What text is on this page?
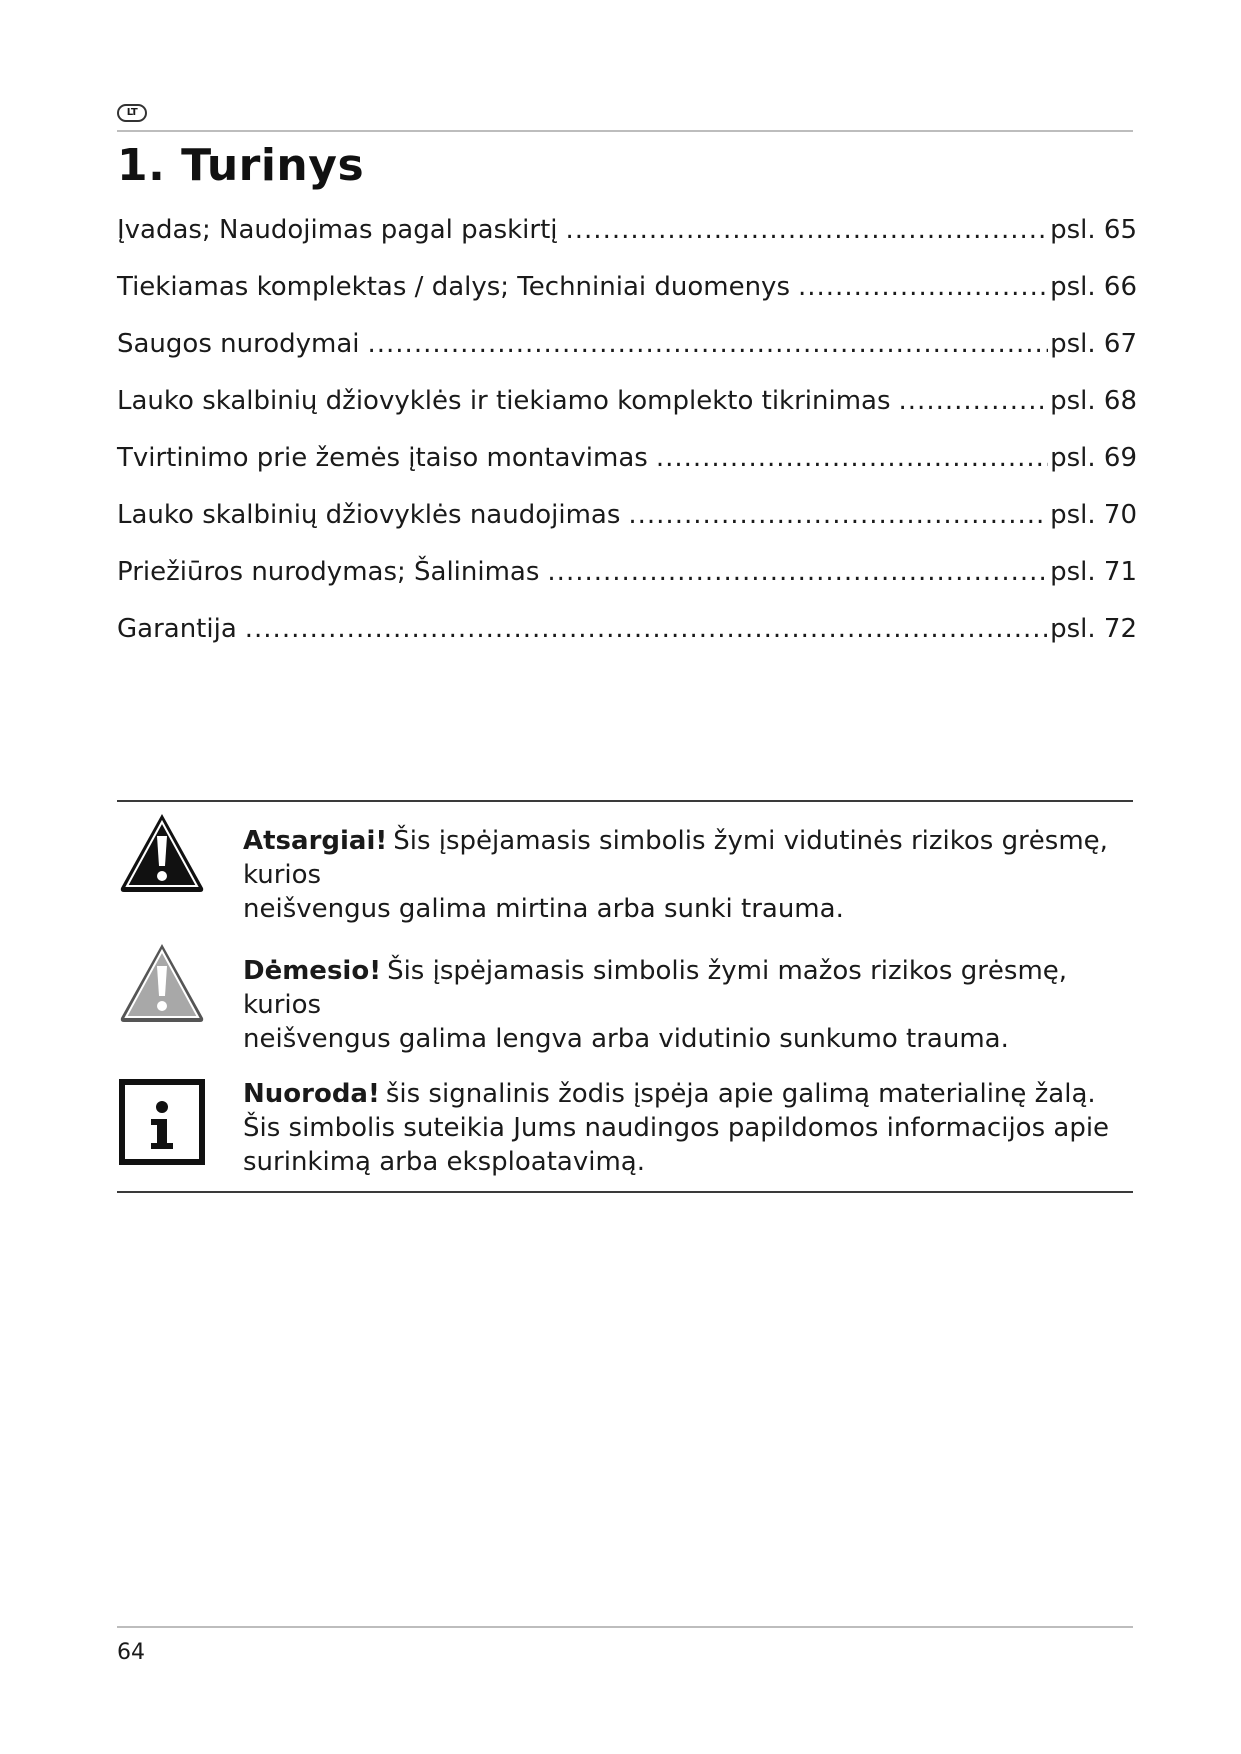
LT
1. Turinys
Įvadas; Naudojimas pagal paskirtį .....	psl. 65
Tiekiamas komplektas / dalys; Techniniai duomenys .....	psl. 66
Saugos nurodymai .....	psl. 67
Lauko skalbinių džiovyklės ir tiekiamo komplekto tikrinimas .....	psl. 68
Tvirtinimo prie žemės įtaiso montavimas .....	psl. 69
Lauko skalbinių džiovyklės naudojimas .....	psl. 70
Priežiūros nurodymas; Šalinimas .....	psl. 71
Garantija .....	psl. 72
Atsargiai! Šis įspėjamasis simbolis žymi vidutinės rizikos grėsmę, kurios
neišvengus galima mirtina arba sunki trauma.
Dėmesio! Šis įspėjamasis simbolis žymi mažos rizikos grėsmę, kurios
neišvengus galima lengva arba vidutinio sunkumo trauma.
Nuoroda! šis signalinis žodis įspėja apie galimą materialinę žalą.
Šis simbolis suteikia Jums naudingos papildomos informacijos apie
surinkimą arba eksploatavimą.
64
